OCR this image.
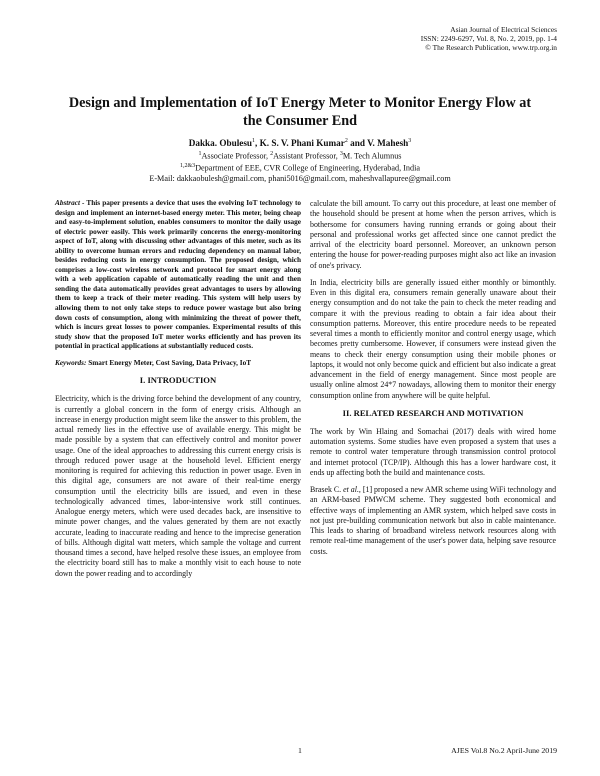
Asian Journal of Electrical Sciences
ISSN: 2249-6297, Vol. 8, No. 2, 2019, pp. 1-4
© The Research Publication, www.trp.org.in
Design and Implementation of IoT Energy Meter to Monitor Energy Flow at the Consumer End
Dakka. Obulesu$^1$, K. S. V. Phani Kumar$^2$ and V. Mahesh$^3$
$^1$Associate Professor, $^2$Assistant Professor, $^3$M. Tech Alumnus
$^{1,2\&3}$Department of EEE, CVR College of Engineering, Hyderabad, India
E-Mail: dakkaobulesh@gmail.com, phani5016@gmail.com, maheshvallapuree@gmail.com

Abstract - This paper presents a device that uses the evolving IoT technology to design and implement an internet-based energy meter. This meter, being cheap and easy-to-implement solution, enables consumers to monitor the daily usage of electric power easily. This work primarily concerns the energy-monitoring aspect of IoT, along with discussing other advantages of this meter, such as its ability to overcome human errors and reducing dependency on manual labor, besides reducing costs in energy consumption. The proposed design, which comprises a low-cost wireless network and protocol for smart energy along with a web application capable of automatically reading the unit and then sending the data automatically provides great advantages to users by allowing them to keep a track of their meter reading. This system will help users by allowing them to not only take steps to reduce power wastage but also bring down costs of consumption, along with minimizing the threat of power theft, which is incurs great losses to power companies. Experimental results of this study show that the proposed IoT meter works efficiently and has proven its potential in practical applications at substantially reduced costs.

Keywords: Smart Energy Meter, Cost Saving, Data Privacy, IoT

I. INTRODUCTION

Electricity, which is the driving force behind the development of any country, is currently a global concern in the form of energy crisis. Although an increase in energy production might seem like the answer to this problem, the actual remedy lies in the effective use of available energy. This might be made possible by a system that can effectively control and monitor power usage. One of the ideal approaches to addressing this current energy crisis is through reduced power usage at the household level. Efficient energy monitoring is required for achieving this reduction in power usage. Even in this digital age, consumers are not aware of their real-time energy consumption until the electricity bills are issued, and even in these technologically advanced times, labor-intensive work still continues. Analogue energy meters, which were used decades back, are insensitive to minute power changes, and the values generated by them are not exactly accurate, leading to inaccurate reading and hence to the imprecise generation of bills. Although digital watt meters, which sample the voltage and current thousand times a second, have helped resolve these issues, an employee from the electricity board still has to make a monthly visit to each house to note down the power reading and to accordingly

calculate the bill amount. To carry out this procedure, at least one member of the household should be present at home when the person arrives, which is bothersome for consumers having running errands or going about their personal and professional works get affected since one cannot predict the arrival of the electricity board personnel. Moreover, an unknown person entering the house for power-reading purposes might also act like an invasion of one's privacy.

In India, electricity bills are generally issued either monthly or bimonthly. Even in this digital era, consumers remain generally unaware about their energy consumption and do not take the pain to check the meter reading and compare it with the previous reading to obtain a fair idea about their consumption patterns. Moreover, this entire procedure needs to be repeated several times a month to efficiently monitor and control energy usage, which becomes pretty cumbersome. However, if consumers were instead given the means to check their energy consumption using their mobile phones or laptops, it would not only become quick and efficient but also indicate a great advancement in the field of energy management. Since most people are usually online almost 24*7 nowadays, allowing them to monitor their energy consumption online from anywhere will be quite helpful.

II. RELATED RESEARCH AND MOTIVATION

The work by Win Hlaing and Somachai (2017) deals with wired home automation systems. Some studies have even proposed a system that uses a remote to control water temperature through transmission control protocol and internet protocol (TCP/IP). Although this has a lower hardware cost, it ends up affecting both the build and maintenance costs.

Brasek C. et al., [1] proposed a new AMR scheme using WiFi technology and an ARM-based PMWCM scheme. They suggested both economical and effective ways of implementing an AMR system, which helped save costs in not just pre-building communication network but also in cable maintenance. This leads to sharing of broadband wireless network resources along with remote real-time management of the user's power data, helping save resource costs.

1	AJES Vol.8 No.2 April-June 2019
